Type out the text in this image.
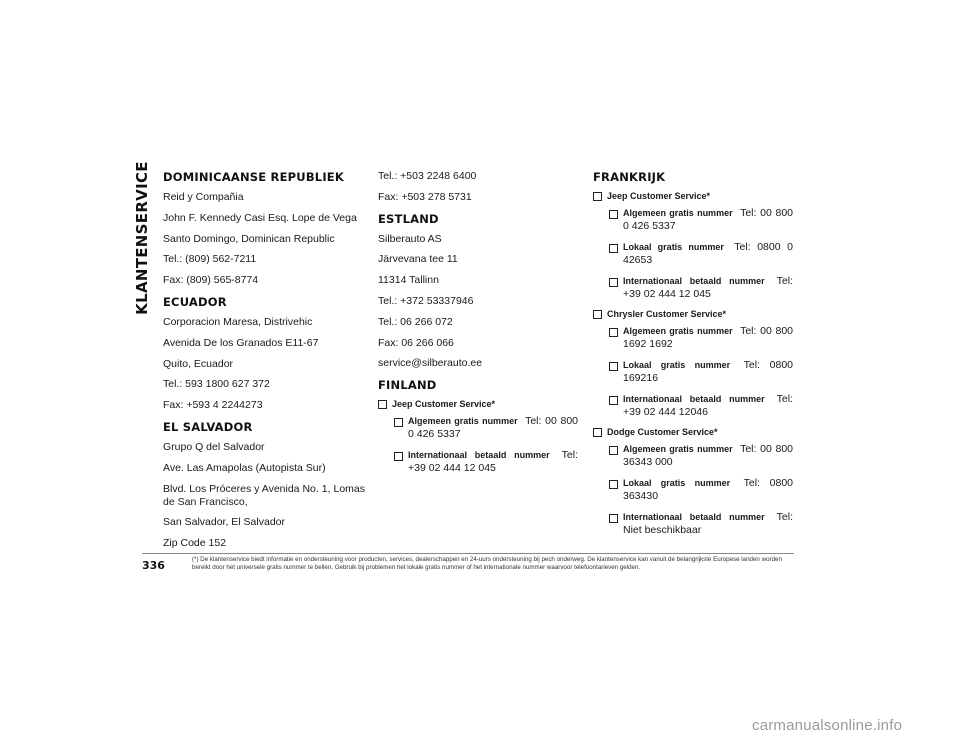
KLANTENSERVICE DOMINICAANSE REPUBLIEK
Reid y Compañia
John F. Kennedy Casi Esq. Lope de Vega
Santo Domingo, Dominican Republic
Tel.: (809) 562-7211
Fax: (809) 565-8774
ECUADOR
Corporacion Maresa, Distrivehic
Avenida De los Granados E11-67
Quito, Ecuador
Tel.: 593 1800 627 372
Fax: +593 4 2244273
EL SALVADOR
Grupo Q del Salvador
Ave. Las Amapolas (Autopista Sur)
Blvd. Los Próceres y Avenida No. 1, Lomas de San Francisco,
San Salvador, El Salvador
Zip Code 152
Tel.: +503 2248 6400
Fax: +503 278 5731
ESTLAND
Silberauto AS
Järvevana tee 11
11314 Tallinn
Tel.: +372 53337946
Tel.: 06 266 072
Fax: 06 266 066
service@silberauto.ee
FINLAND
Jeep Customer Service*
Algemeen gratis nummer Tel: 00 800 0 426 5337
Internationaal betaald nummer Tel: +39 02 444 12 045
FRANKRIJK
Jeep Customer Service*
Algemeen gratis nummer Tel: 00 800 0 426 5337
Lokaal gratis nummer Tel: 0800 0 42653
Internationaal betaald nummer Tel: +39 02 444 12 045
Chrysler Customer Service*
Algemeen gratis nummer Tel: 00 800 1692 1692
Lokaal gratis nummer Tel: 0800 169216
Internationaal betaald nummer Tel: +39 02 444 12046
Dodge Customer Service*
Algemeen gratis nummer Tel: 00 800 36343 000
Lokaal gratis nummer Tel: 0800 363430
Internationaal betaald nummer Tel: Niet beschikbaar
336	(*) De klantenservice biedt informatie en ondersteuning voor producten, services, dealerschappen en 24-uurs ondersteuning bij pech onderweg. De klantenservice kan vanuit de belangrijkste Europese landen worden bereikt door het universele gratis nummer te bellen. Gebruik bij problemen het lokale gratis nummer of het internationale nummer waarvoor telefoontarieven gelden.
carmanualsonline.info
